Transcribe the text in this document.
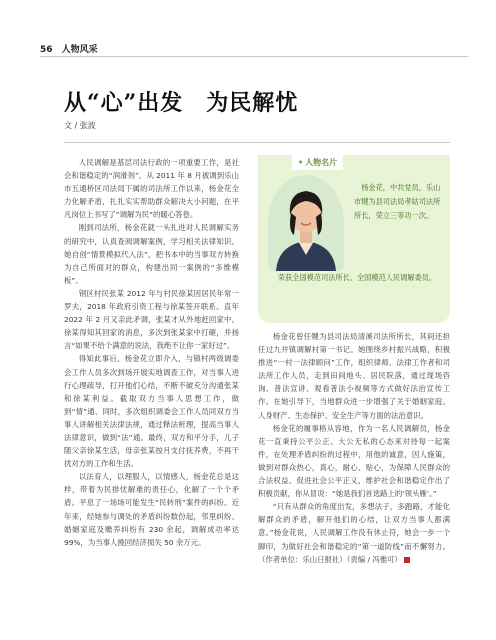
56 人物风采
从“心”出发　为民解忧
文 / 张波

人民调解是基层司法行政的一项重要工作，是社会和谐稳定的“润滑剂”。从 2011 年 8 月被调到乐山市五通桥区司法局下属的司法所工作以来，杨金花全力化解矛盾，扎扎实实帮助群众解决大小问题，在平凡岗位上书写了“调解为民”的暖心答卷。

刚到司法所，杨金花就一头扎进对人民调解实务的研究中，认真查阅调解案例，学习相关法律知识。她自创“情景模拟代入法”，把书本中的当事双方转换为自己所面对的群众，构建出同一案例的“多维模板”。

钢区村民张某 2012 年与村民徐某因居民年常一罗夫，2018 年政府引资工程与徐某签开联系。直年 2022 年 2 月又亲此矛调，张某才从外地赶回家中。徐某得知其回家的消息，多次到张某家中打砸，并扬言“如果不给个满意的说法，我绝不让你一家好过”。

得知此事后，杨金花立即介入，与镇村两级调委会工作人员多次到场开展实地调查工作，对当事人进行心理疏导，打开他们心结，不断不破充分沟通张某和徐某利益。截取双方当事人思想工作，做到“情”通、同时，多次组织调委会工作人员同双方当事人讲解相关法律法规，通过释法析理，提高当事人法律意识，做到“法”通。最终，双方和平分手，儿子随父亲徐某生活，母亲张某按月支付抚养费，不再干扰对方的工作和生活。

以法育人，以理服人，以情感人，杨金花总是这样，带着为民排忧解难的责任心，化解了一个个矛盾。平息了一场场可能发生“民转刑”案件的纠纷。近年来，经她参与调处的矛盾纠纷数份起，邻里纠纷、婚姻家庭及赡养纠纷有 230 余起，调解成功率达 99%，为当事人挽回经济损失 50 余万元。

• 人物名片
杨金花，中共党员，乐山市犍为县司法局孝姑司法所所长，荣立三等功一次。
荣获全国模范司法所长、全国模范人民调解委员。

杨金花曾任犍为县司法局清溪司法所所长，其间还担任过九井镇调解村第一书记。她围绕乡村振兴战略，积极推进“一村一法律顾问”工作，组织律师、法律工作者和司法所工作人员，走到田间地头、居民院落，通过现场咨询、普法宣讲、观看普法小视频等方式做好法治宣传工作。在她引导下，当地群众进一步增强了关于婚姻家庭、人身财产、生态保护、安全生产等方面的法治意识。

杨金花的履事格从容地，作为一名人民调解员，杨金花一直秉持公平公正、大公无私的心态来对待每一起案件，在处理矛盾纠纷的过程中，用他的诚意，因人施策，做到对群众热心，真心，耐心、贴心，为保障人民群众的合法权益、促进社会公平正义，维护社会和谐稳定作出了积极贡献，你从冒说：“她是我们首选路上的‘领头雁’。”

“只有从群众的角度出发，多想法子，多跑路，才能化解群众的矛盾，解开他们的心结，让双方当事人都满意。”杨金花说，人民调解工作没有休止符，她会一步一个脚印，为做好社会和谐稳定的“第一道防线”而不懈努力。（作者单位：乐山日报社）（责编 / 冯雅可）
